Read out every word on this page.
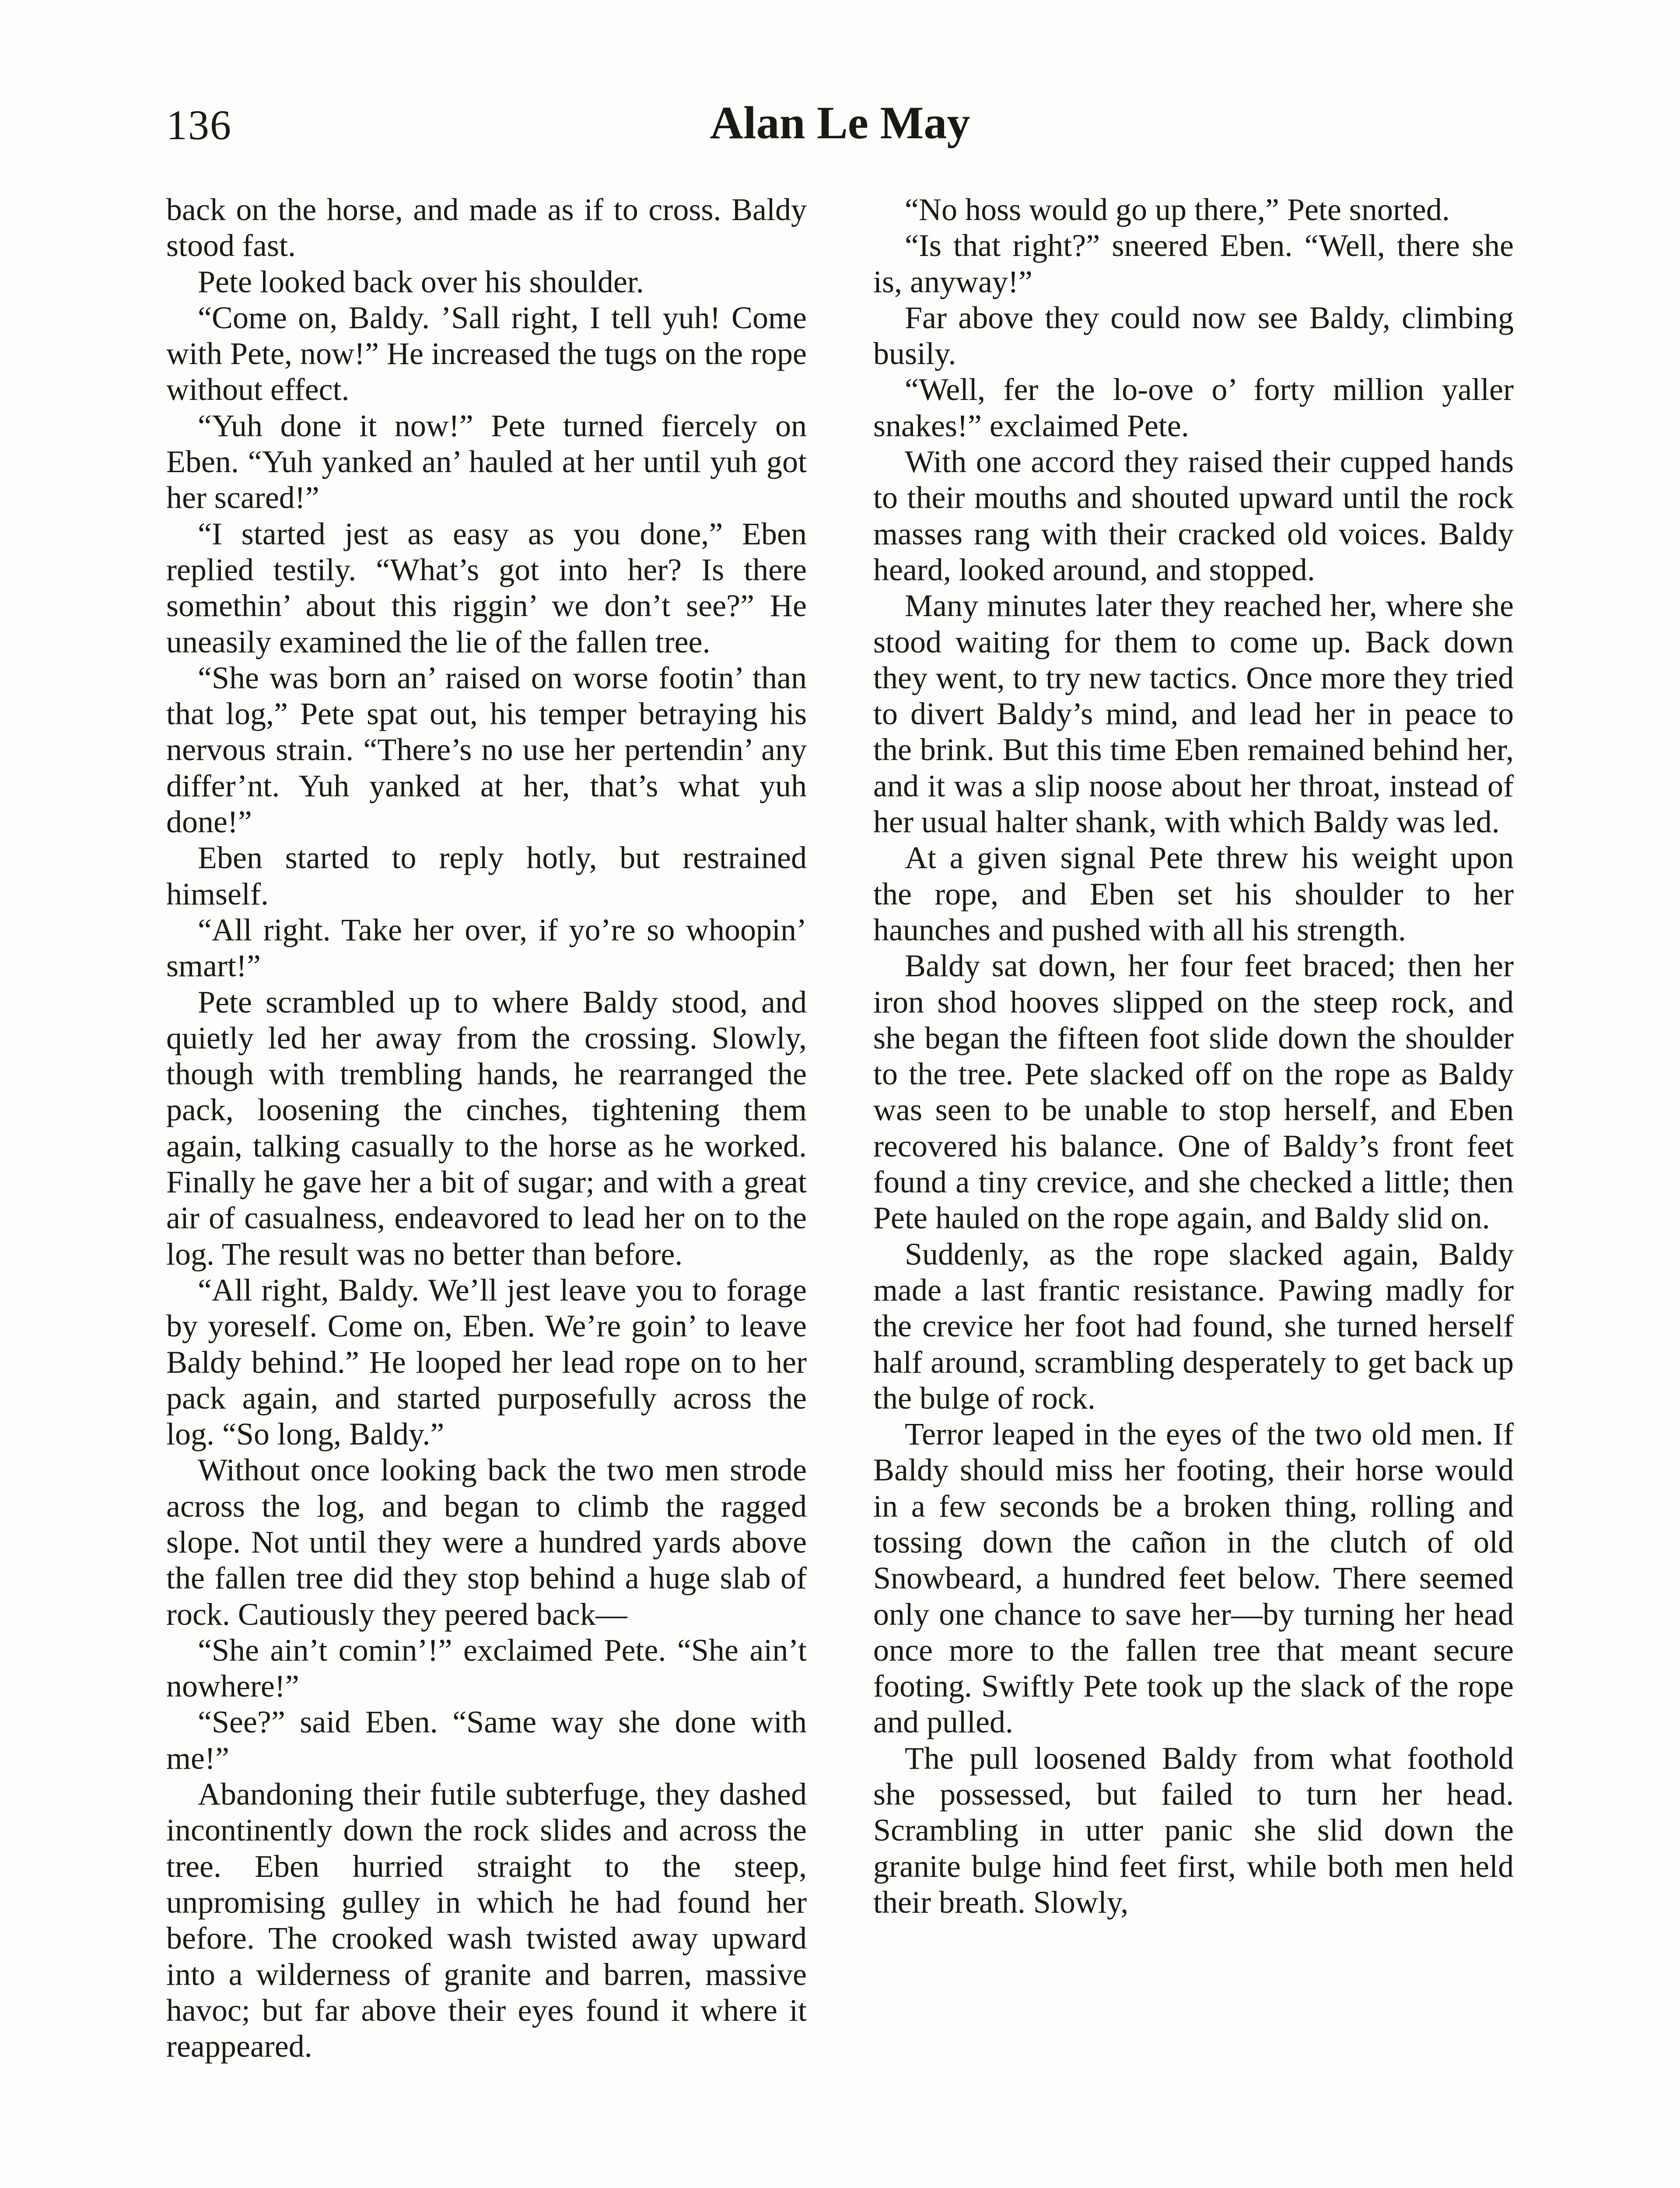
136	Alan Le May

back on the horse, and made as if to cross. Baldy stood fast.

Pete looked back over his shoulder.

“Come on, Baldy. ’Sall right, I tell yuh! Come with Pete, now!” He increased the tugs on the rope without effect.

“Yuh done it now!” Pete turned fiercely on Eben. “Yuh yanked an’ hauled at her until yuh got her scared!”

“I started jest as easy as you done,” Eben replied testily. “What’s got into her? Is there somethin’ about this riggin’ we don’t see?” He uneasily examined the lie of the fallen tree.

“She was born an’ raised on worse footin’ than that log,” Pete spat out, his temper betraying his nervous strain. “There’s no use her pertendin’ any differ’nt. Yuh yanked at her, that’s what yuh done!”

Eben started to reply hotly, but restrained himself.

“All right. Take her over, if yo’re so whoopin’ smart!”

Pete scrambled up to where Baldy stood, and quietly led her away from the crossing. Slowly, though with trembling hands, he rearranged the pack, loosening the cinches, tightening them again, talking casually to the horse as he worked. Finally he gave her a bit of sugar; and with a great air of casualness, endeavored to lead her on to the log. The result was no better than before.

“All right, Baldy. We’ll jest leave you to forage by yoreself. Come on, Eben. We’re goin’ to leave Baldy behind.” He looped her lead rope on to her pack again, and started purposefully across the log. “So long, Baldy.”

Without once looking back the two men strode across the log, and began to climb the ragged slope. Not until they were a hundred yards above the fallen tree did they stop behind a huge slab of rock. Cautiously they peered back—

“She ain’t comin’!” exclaimed Pete. “She ain’t nowhere!”

“See?” said Eben. “Same way she done with me!”

Abandoning their futile subterfuge, they dashed incontinently down the rock slides and across the tree. Eben hurried straight to the steep, unpromising gulley in which he had found her before. The crooked wash twisted away upward into a wilderness of granite and barren, massive havoc; but far above their eyes found it where it reappeared.

“No hoss would go up there,” Pete snorted.

“Is that right?” sneered Eben. “Well, there she is, anyway!”

Far above they could now see Baldy, climbing busily.

“Well, fer the lo-ove o’ forty million yaller snakes!” exclaimed Pete.

With one accord they raised their cupped hands to their mouths and shouted upward until the rock masses rang with their cracked old voices. Baldy heard, looked around, and stopped.

Many minutes later they reached her, where she stood waiting for them to come up. Back down they went, to try new tactics. Once more they tried to divert Baldy’s mind, and lead her in peace to the brink. But this time Eben remained behind her, and it was a slip noose about her throat, instead of her usual halter shank, with which Baldy was led.

At a given signal Pete threw his weight upon the rope, and Eben set his shoulder to her haunches and pushed with all his strength.

Baldy sat down, her four feet braced; then her iron shod hooves slipped on the steep rock, and she began the fifteen foot slide down the shoulder to the tree. Pete slacked off on the rope as Baldy was seen to be unable to stop herself, and Eben recovered his balance. One of Baldy’s front feet found a tiny crevice, and she checked a little; then Pete hauled on the rope again, and Baldy slid on.

Suddenly, as the rope slacked again, Baldy made a last frantic resistance. Pawing madly for the crevice her foot had found, she turned herself half around, scrambling desperately to get back up the bulge of rock.

Terror leaped in the eyes of the two old men. If Baldy should miss her footing, their horse would in a few seconds be a broken thing, rolling and tossing down the cañon in the clutch of old Snowbeard, a hundred feet below. There seemed only one chance to save her—by turning her head once more to the fallen tree that meant secure footing. Swiftly Pete took up the slack of the rope and pulled.

The pull loosened Baldy from what foothold she possessed, but failed to turn her head. Scrambling in utter panic she slid down the granite bulge hind feet first, while both men held their breath. Slowly,
